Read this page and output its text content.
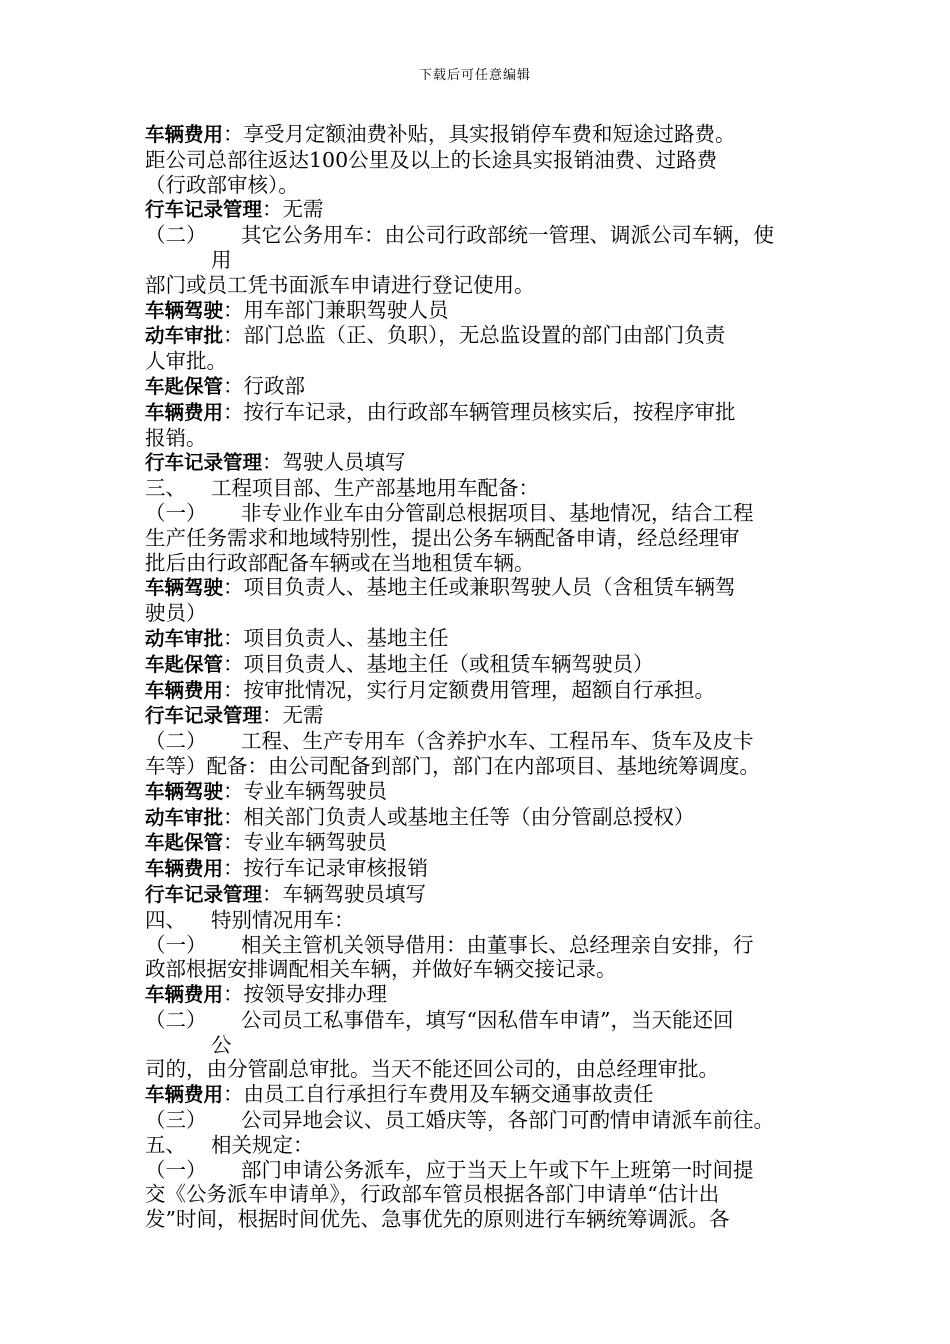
下载后可任意编辑
车辆费用：享受月定额油费补贴，具实报销停车费和短途过路费。
距公司总部往返达100公里及以上的长途具实报销油费、过路费
（行政部审核）。
行车记录管理：无需
（二） 其它公务用车：由公司行政部统一管理、调派公司车辆，使
用
部门或员工凭书面派车申请进行登记使用。
车辆驾驶：用车部门兼职驾驶人员
动车审批：部门总监（正、负职），无总监设置的部门由部门负责
人审批。
车匙保管：行政部
车辆费用：按行车记录，由行政部车辆管理员核实后，按程序审批
报销。
行车记录管理：驾驶人员填写
三、 工程项目部、生产部基地用车配备：
（一） 非专业作业车由分管副总根据项目、基地情况，结合工程
生产任务需求和地域特别性，提出公务车辆配备申请，经总经理审
批后由行政部配备车辆或在当地租赁车辆。
车辆驾驶：项目负责人、基地主任或兼职驾驶人员（含租赁车辆驾
驶员）
动车审批：项目负责人、基地主任
车匙保管：项目负责人、基地主任（或租赁车辆驾驶员）
车辆费用：按审批情况，实行月定额费用管理，超额自行承担。
行车记录管理：无需
（二） 工程、生产专用车（含养护水车、工程吊车、货车及皮卡
车等）配备：由公司配备到部门，部门在内部项目、基地统筹调度。
车辆驾驶：专业车辆驾驶员
动车审批：相关部门负责人或基地主任等（由分管副总授权）
车匙保管：专业车辆驾驶员
车辆费用：按行车记录审核报销
行车记录管理：车辆驾驶员填写
四、 特别情况用车：
（一） 相关主管机关领导借用：由董事长、总经理亲自安排，行
政部根据安排调配相关车辆，并做好车辆交接记录。
车辆费用：按领导安排办理
（二） 公司员工私事借车，填写“因私借车申请”，当天能还回
公
司的，由分管副总审批。当天不能还回公司的，由总经理审批。
车辆费用：由员工自行承担行车费用及车辆交通事故责任
（三） 公司异地会议、员工婚庆等，各部门可酌情申请派车前往。
五、 相关规定：
（一） 部门申请公务派车，应于当天上午或下午上班第一时间提
交《公务派车申请单》，行政部车管员根据各部门申请单“估计出
发”时间，根据时间优先、急事优先的原则进行车辆统筹调派。各
